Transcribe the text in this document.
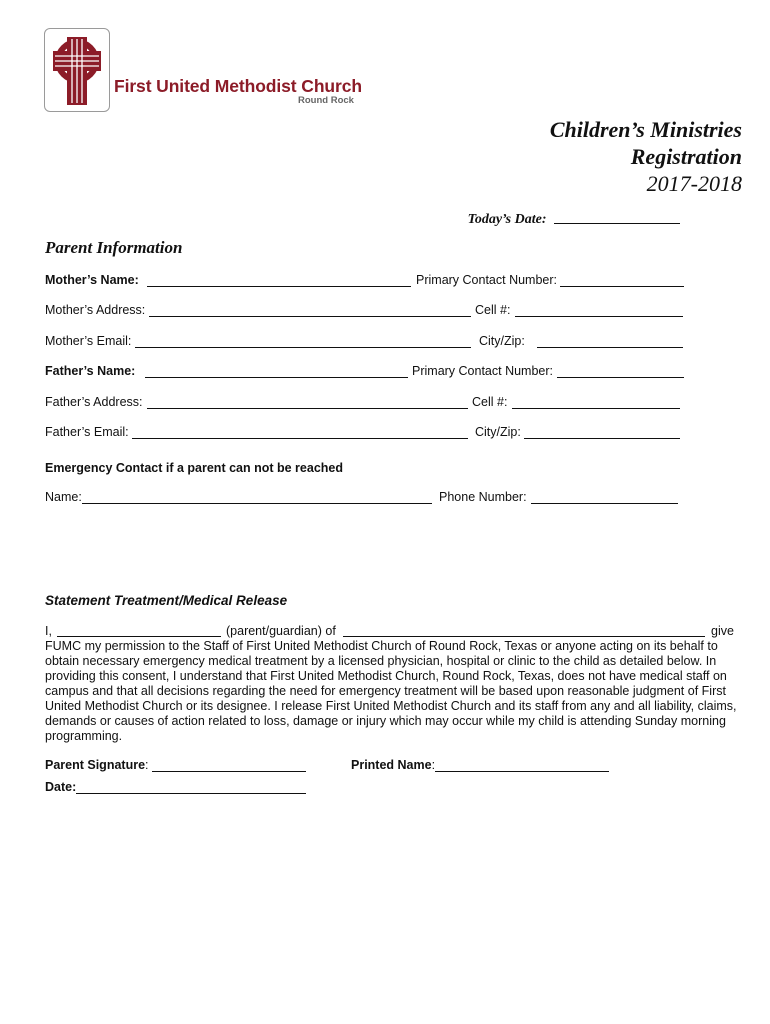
First United Methodist Church
Round Rock
Children’s Ministries
Registration
2017-2018
Today’s Date:
Parent Information
Mother’s Name:	Primary Contact Number:
Mother’s Address:	Cell #:
Mother’s Email:	City/Zip:
Father’s Name:	Primary Contact Number:
Father’s Address:	Cell #:
Father’s Email:	City/Zip:
Emergency Contact if a parent can not be reached
Name:	Phone Number:
Statement Treatment/Medical Release
I,	(parent/guardian) of	give
FUMC my permission to the Staff of First United Methodist Church of Round Rock, Texas or anyone acting on its behalf to obtain necessary emergency medical treatment by a licensed physician, hospital or clinic to the child as detailed below. In providing this consent, I understand that First United Methodist Church, Round Rock, Texas, does not have medical staff on campus and that all decisions regarding the need for emergency treatment will be based upon reasonable judgment of First United Methodist Church or its designee. I release First United Methodist Church and its staff from any and all liability, claims, demands or causes of action related to loss, damage or injury which may occur while my child is attending Sunday morning programming.
Parent Signature:	Printed Name:
Date:
